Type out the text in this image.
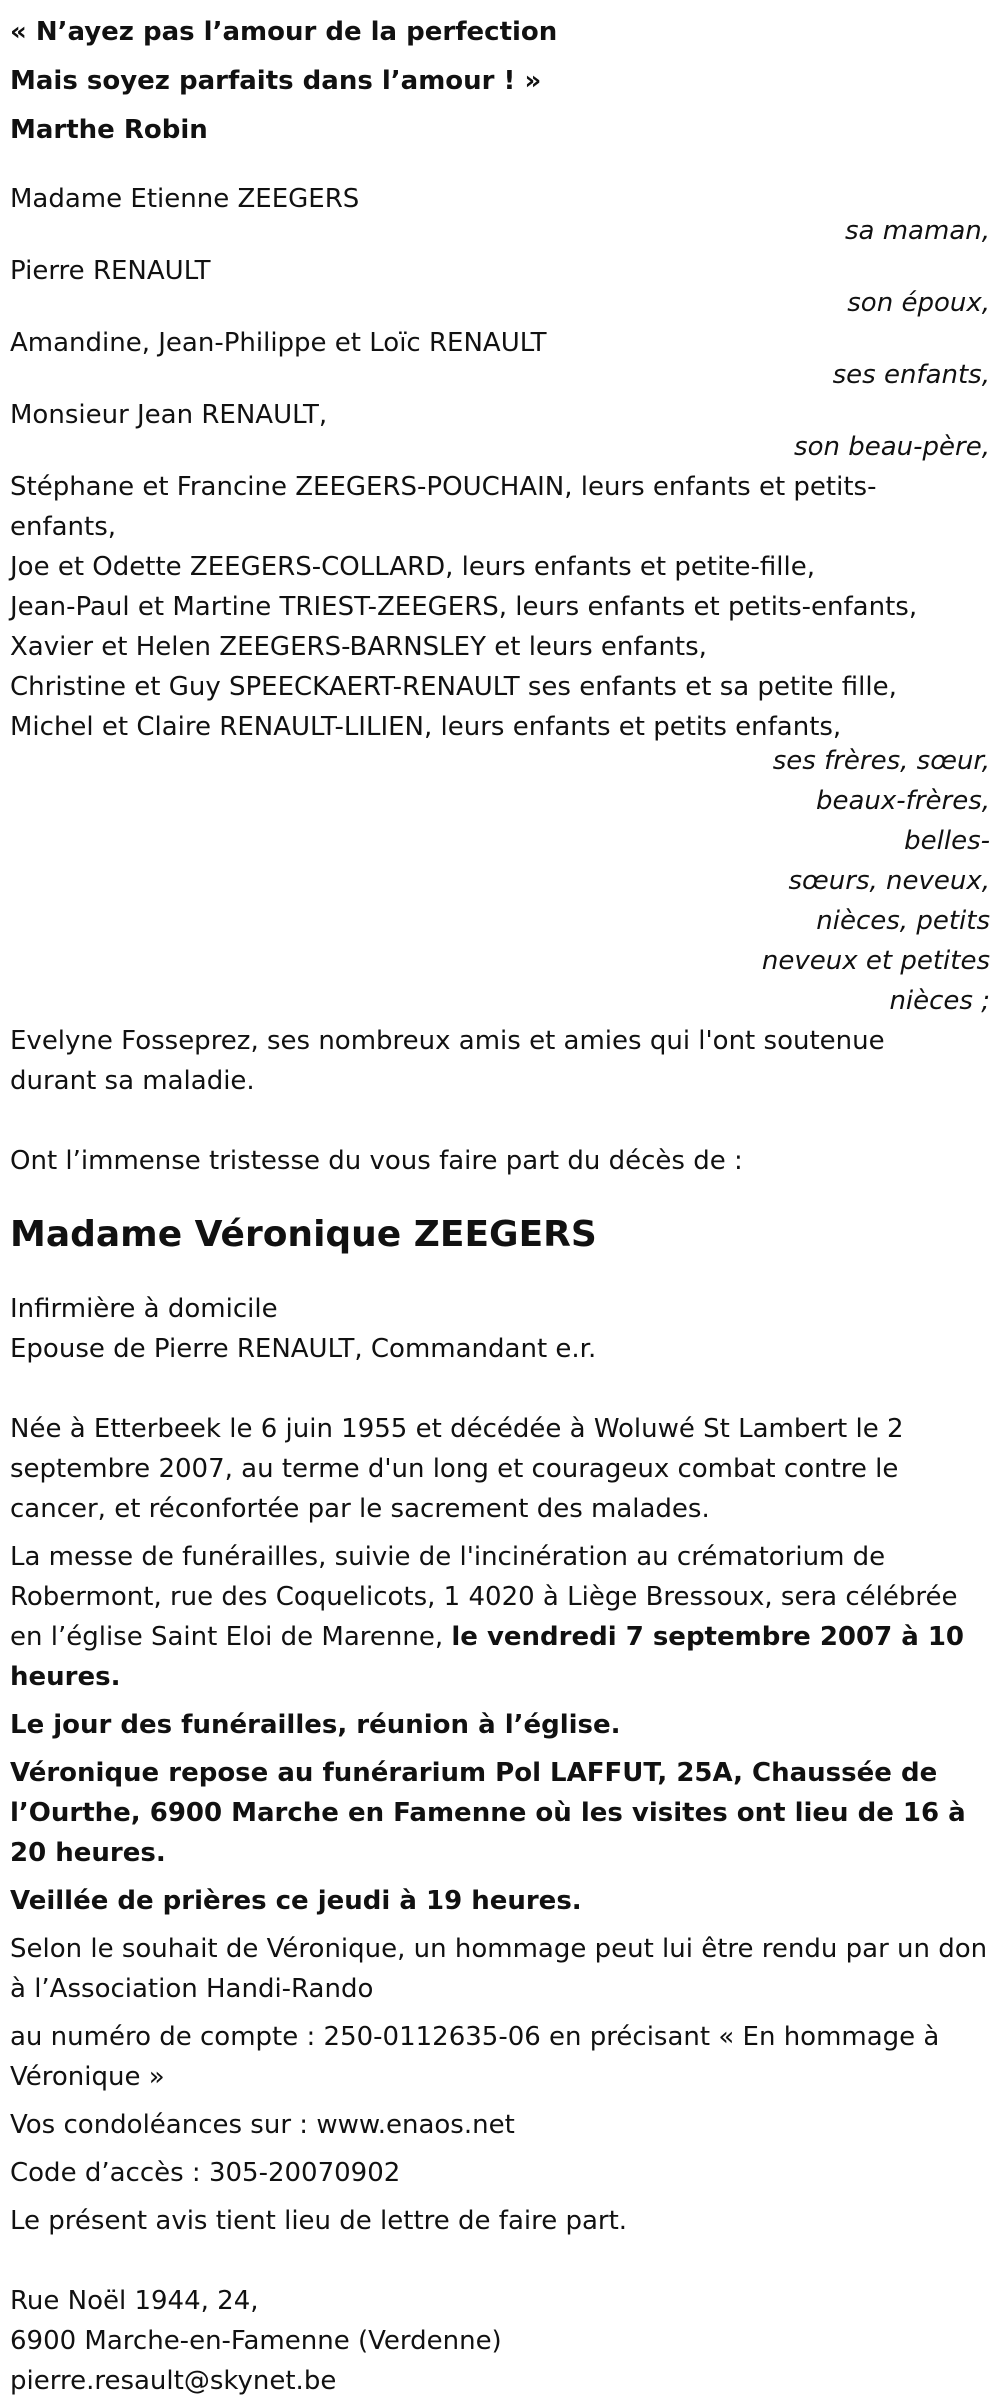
« N’ayez pas l’amour de la perfection

Mais soyez parfaits dans l’amour ! »

Marthe Robin

Madame Etienne ZEEGERS

sa maman,

Pierre RENAULT

son époux,

Amandine, Jean-Philippe et Loïc RENAULT

ses enfants,

Monsieur Jean RENAULT,

son beau-père,

Stéphane et Francine ZEEGERS-POUCHAIN, leurs enfants et petits-enfants,

Joe et Odette ZEEGERS-COLLARD, leurs enfants et petite-fille,

Jean-Paul et Martine TRIEST-ZEEGERS, leurs enfants et petits-enfants,

Xavier et Helen ZEEGERS-BARNSLEY et leurs enfants,

Christine et Guy SPEECKAERT-RENAULT ses enfants et sa petite fille,

Michel et Claire RENAULT-LILIEN, leurs enfants et petits enfants,

ses frères, sœur,
beaux-frères, belles-
sœurs, neveux,
nièces, petits
neveux et petites
nièces ;

Evelyne Fosseprez, ses nombreux amis et amies qui l'ont soutenue durant sa maladie.

Ont l’immense tristesse du vous faire part du décès de :

Madame Véronique ZEEGERS

Infirmière à domicile

Epouse de Pierre RENAULT, Commandant e.r.

Née à Etterbeek le 6 juin 1955 et décédée à Woluwé St Lambert le 2 septembre 2007, au terme d'un long et courageux combat contre le cancer, et réconfortée par le sacrement des malades.

La messe de funérailles, suivie de l'incinération au crématorium de Robermont, rue des Coquelicots, 1 4020 à Liège Bressoux, sera célébrée en l’église Saint Eloi de Marenne, le vendredi 7 septembre 2007 à 10 heures.

Le jour des funérailles, réunion à l’église.

Véronique repose au funérarium Pol LAFFUT, 25A, Chaussée de l’Ourthe, 6900 Marche en Famenne où les visites ont lieu de 16 à 20 heures.

Veillée de prières ce jeudi à 19 heures.

Selon le souhait de Véronique, un hommage peut lui être rendu par un don à l’Association Handi-Rando

au numéro de compte : 250-0112635-06 en précisant « En hommage à Véronique »

Vos condoléances sur : www.enaos.net

Code d’accès : 305-20070902

Le présent avis tient lieu de lettre de faire part.

Rue Noël 1944, 24,

6900 Marche-en-Famenne (Verdenne)

pierre.resault@skynet.be
